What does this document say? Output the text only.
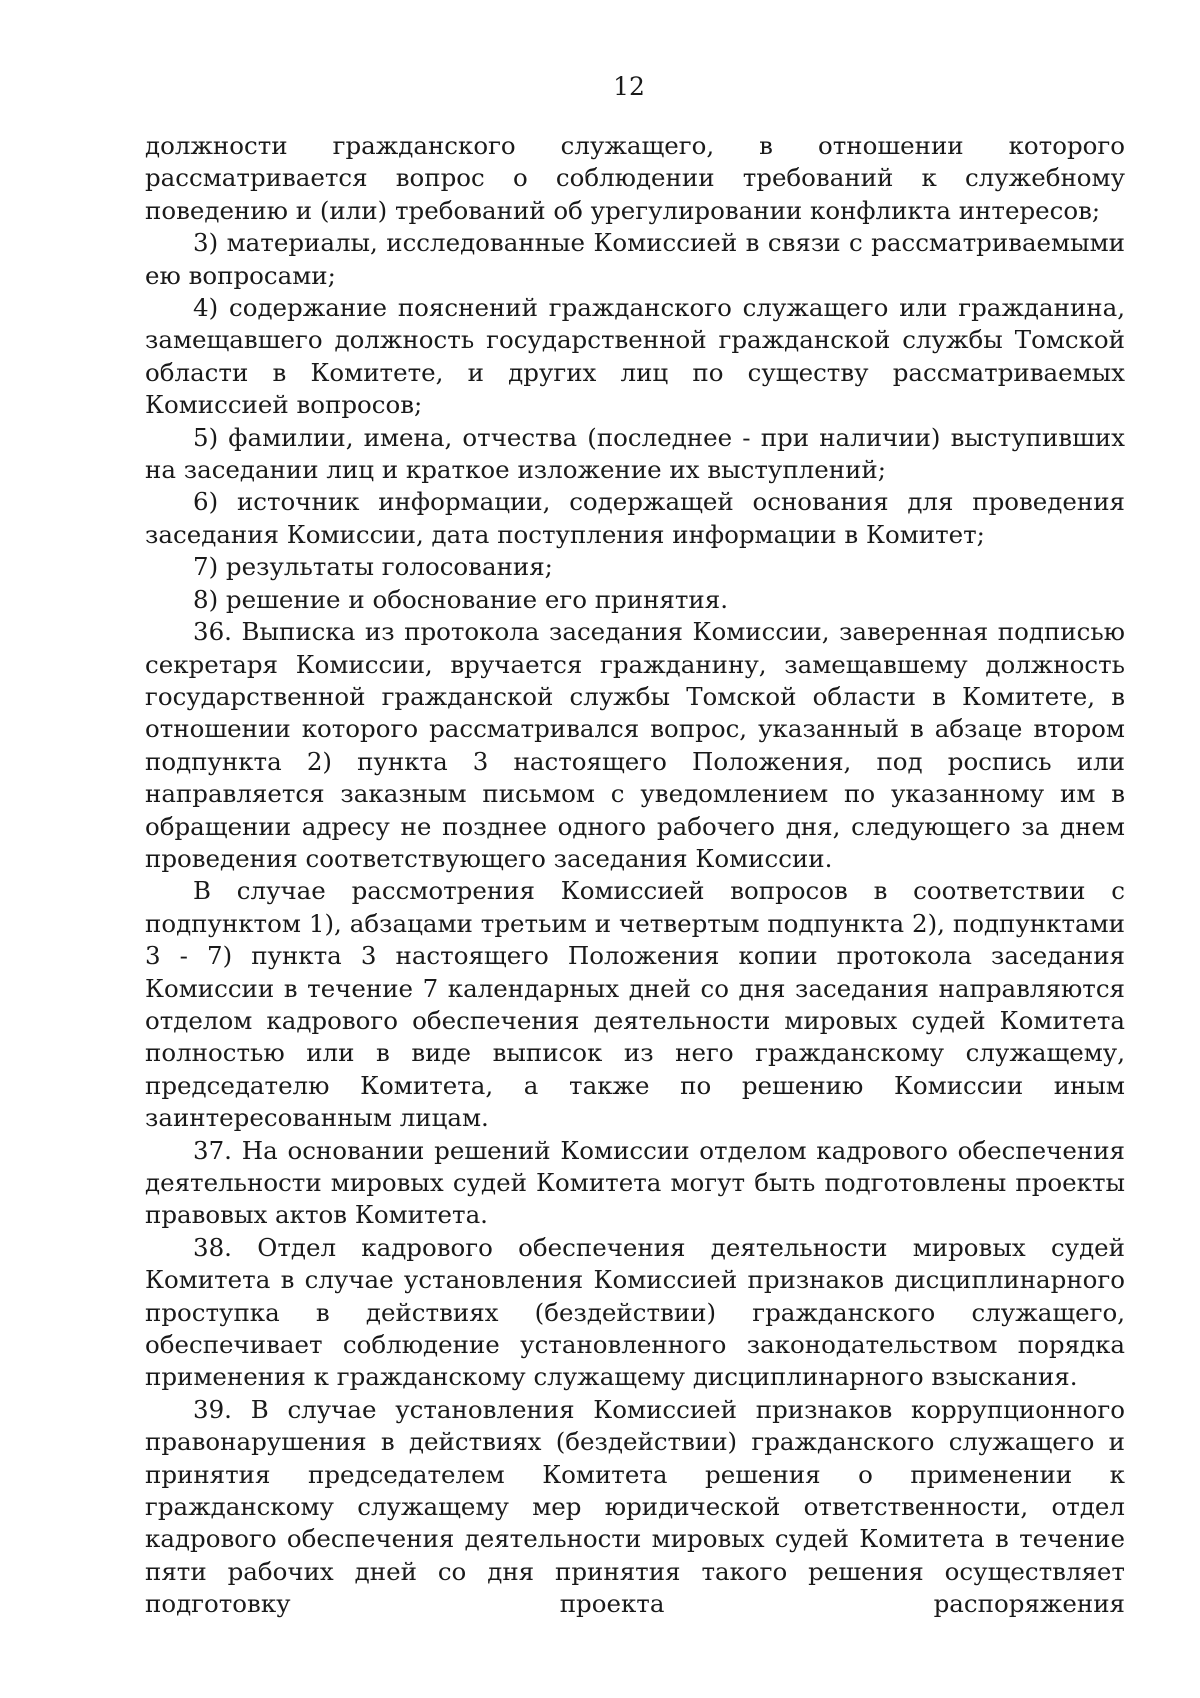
12

должности гражданского служащего, в отношении которого рассматривается вопрос о соблюдении требований к служебному поведению и (или) требований об урегулировании конфликта интересов;

3) материалы, исследованные Комиссией в связи с рассматриваемыми ею вопросами;

4) содержание пояснений гражданского служащего или гражданина, замещавшего должность государственной гражданской службы Томской области в Комитете, и других лиц по существу рассматриваемых Комиссией вопросов;

5) фамилии, имена, отчества (последнее - при наличии) выступивших на заседании лиц и краткое изложение их выступлений;

6) источник информации, содержащей основания для проведения заседания Комиссии, дата поступления информации в Комитет;

7) результаты голосования;

8) решение и обоснование его принятия.

36. Выписка из протокола заседания Комиссии, заверенная подписью секретаря Комиссии, вручается гражданину, замещавшему должность государственной гражданской службы Томской области в Комитете, в отношении которого рассматривался вопрос, указанный в абзаце втором подпункта 2) пункта 3 настоящего Положения, под роспись или направляется заказным письмом с уведомлением по указанному им в обращении адресу не позднее одного рабочего дня, следующего за днем проведения соответствующего заседания Комиссии.

В случае рассмотрения Комиссией вопросов в соответствии с подпунктом 1), абзацами третьим и четвертым подпункта 2), подпунктами 3 - 7) пункта 3 настоящего Положения копии протокола заседания Комиссии в течение 7 календарных дней со дня заседания направляются отделом кадрового обеспечения деятельности мировых судей Комитета полностью или в виде выписок из него гражданскому служащему, председателю Комитета, а также по решению Комиссии иным заинтересованным лицам.

37. На основании решений Комиссии отделом кадрового обеспечения деятельности мировых судей Комитета могут быть подготовлены проекты правовых актов Комитета.

38. Отдел кадрового обеспечения деятельности мировых судей Комитета в случае установления Комиссией признаков дисциплинарного проступка в действиях (бездействии) гражданского служащего, обеспечивает соблюдение установленного законодательством порядка применения к гражданскому служащему дисциплинарного взыскания.

39. В случае установления Комиссией признаков коррупционного правонарушения в действиях (бездействии) гражданского служащего и принятия председателем Комитета решения о применении к гражданскому служащему мер юридической ответственности, отдел кадрового обеспечения деятельности мировых судей Комитета в течение пяти рабочих дней со дня принятия такого решения осуществляет подготовку проекта распоряжения
